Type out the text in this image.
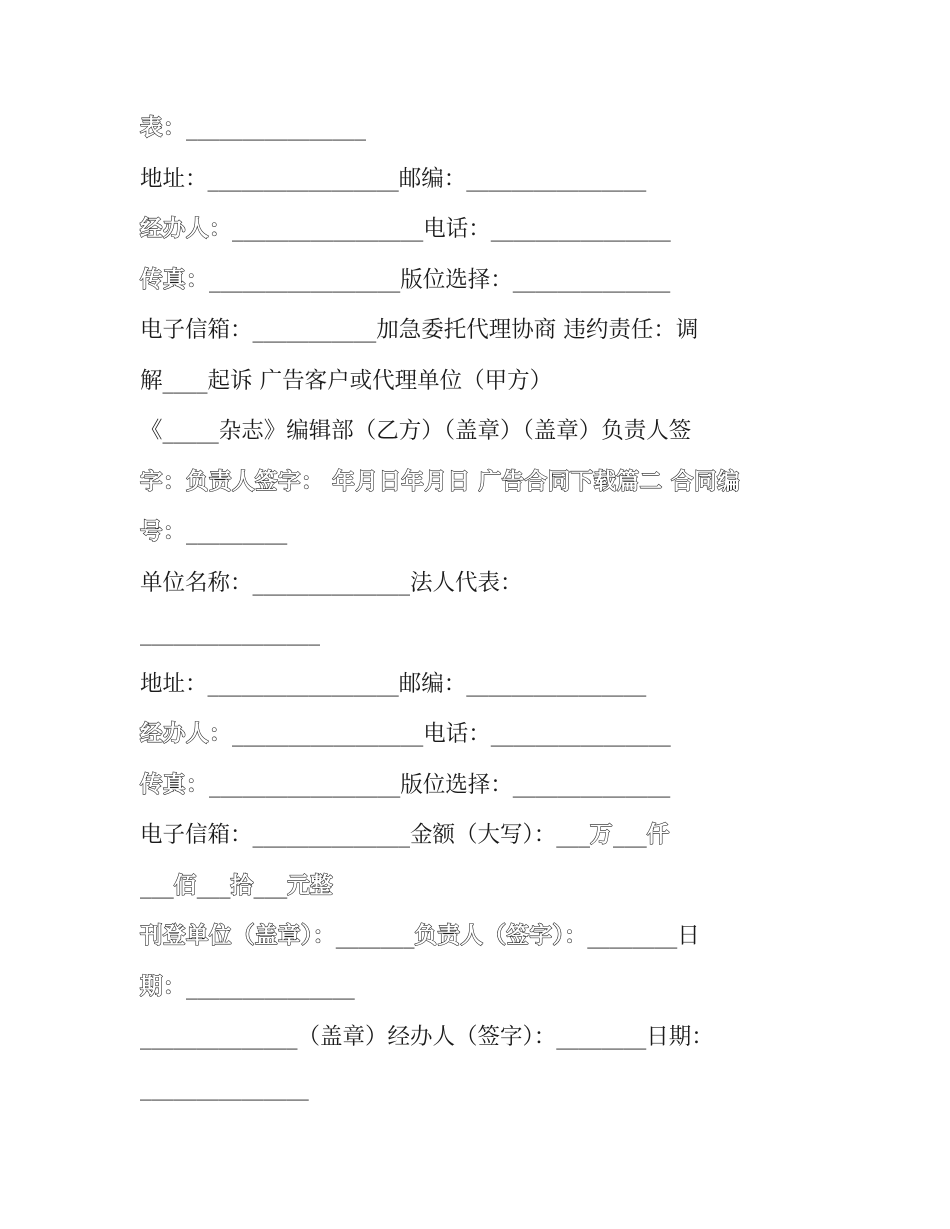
表：________________
地址：_________________邮编：________________
经办人：_________________电话：________________
传真：_________________版位选择：______________
电子信箱：___________加急委托代理协商 违约责任：调
解____起诉 广告客户或代理单位（甲方）
《_____杂志》编辑部（乙方）（盖章）（盖章）负责人签
字：负责人签字： 年月日年月日 广告合同下载篇二 合同编
号：_________
单位名称：______________法人代表：
________________
地址：_________________邮编：________________
经办人：_________________电话：________________
传真：_________________版位选择：______________
电子信箱：______________金额（大写）：___万___仟
___佰___拾___元整
刊登单位（盖章）：_______负责人（签字）：________日
期：_______________
______________（盖章）经办人（签字）：________日期：
_______________
